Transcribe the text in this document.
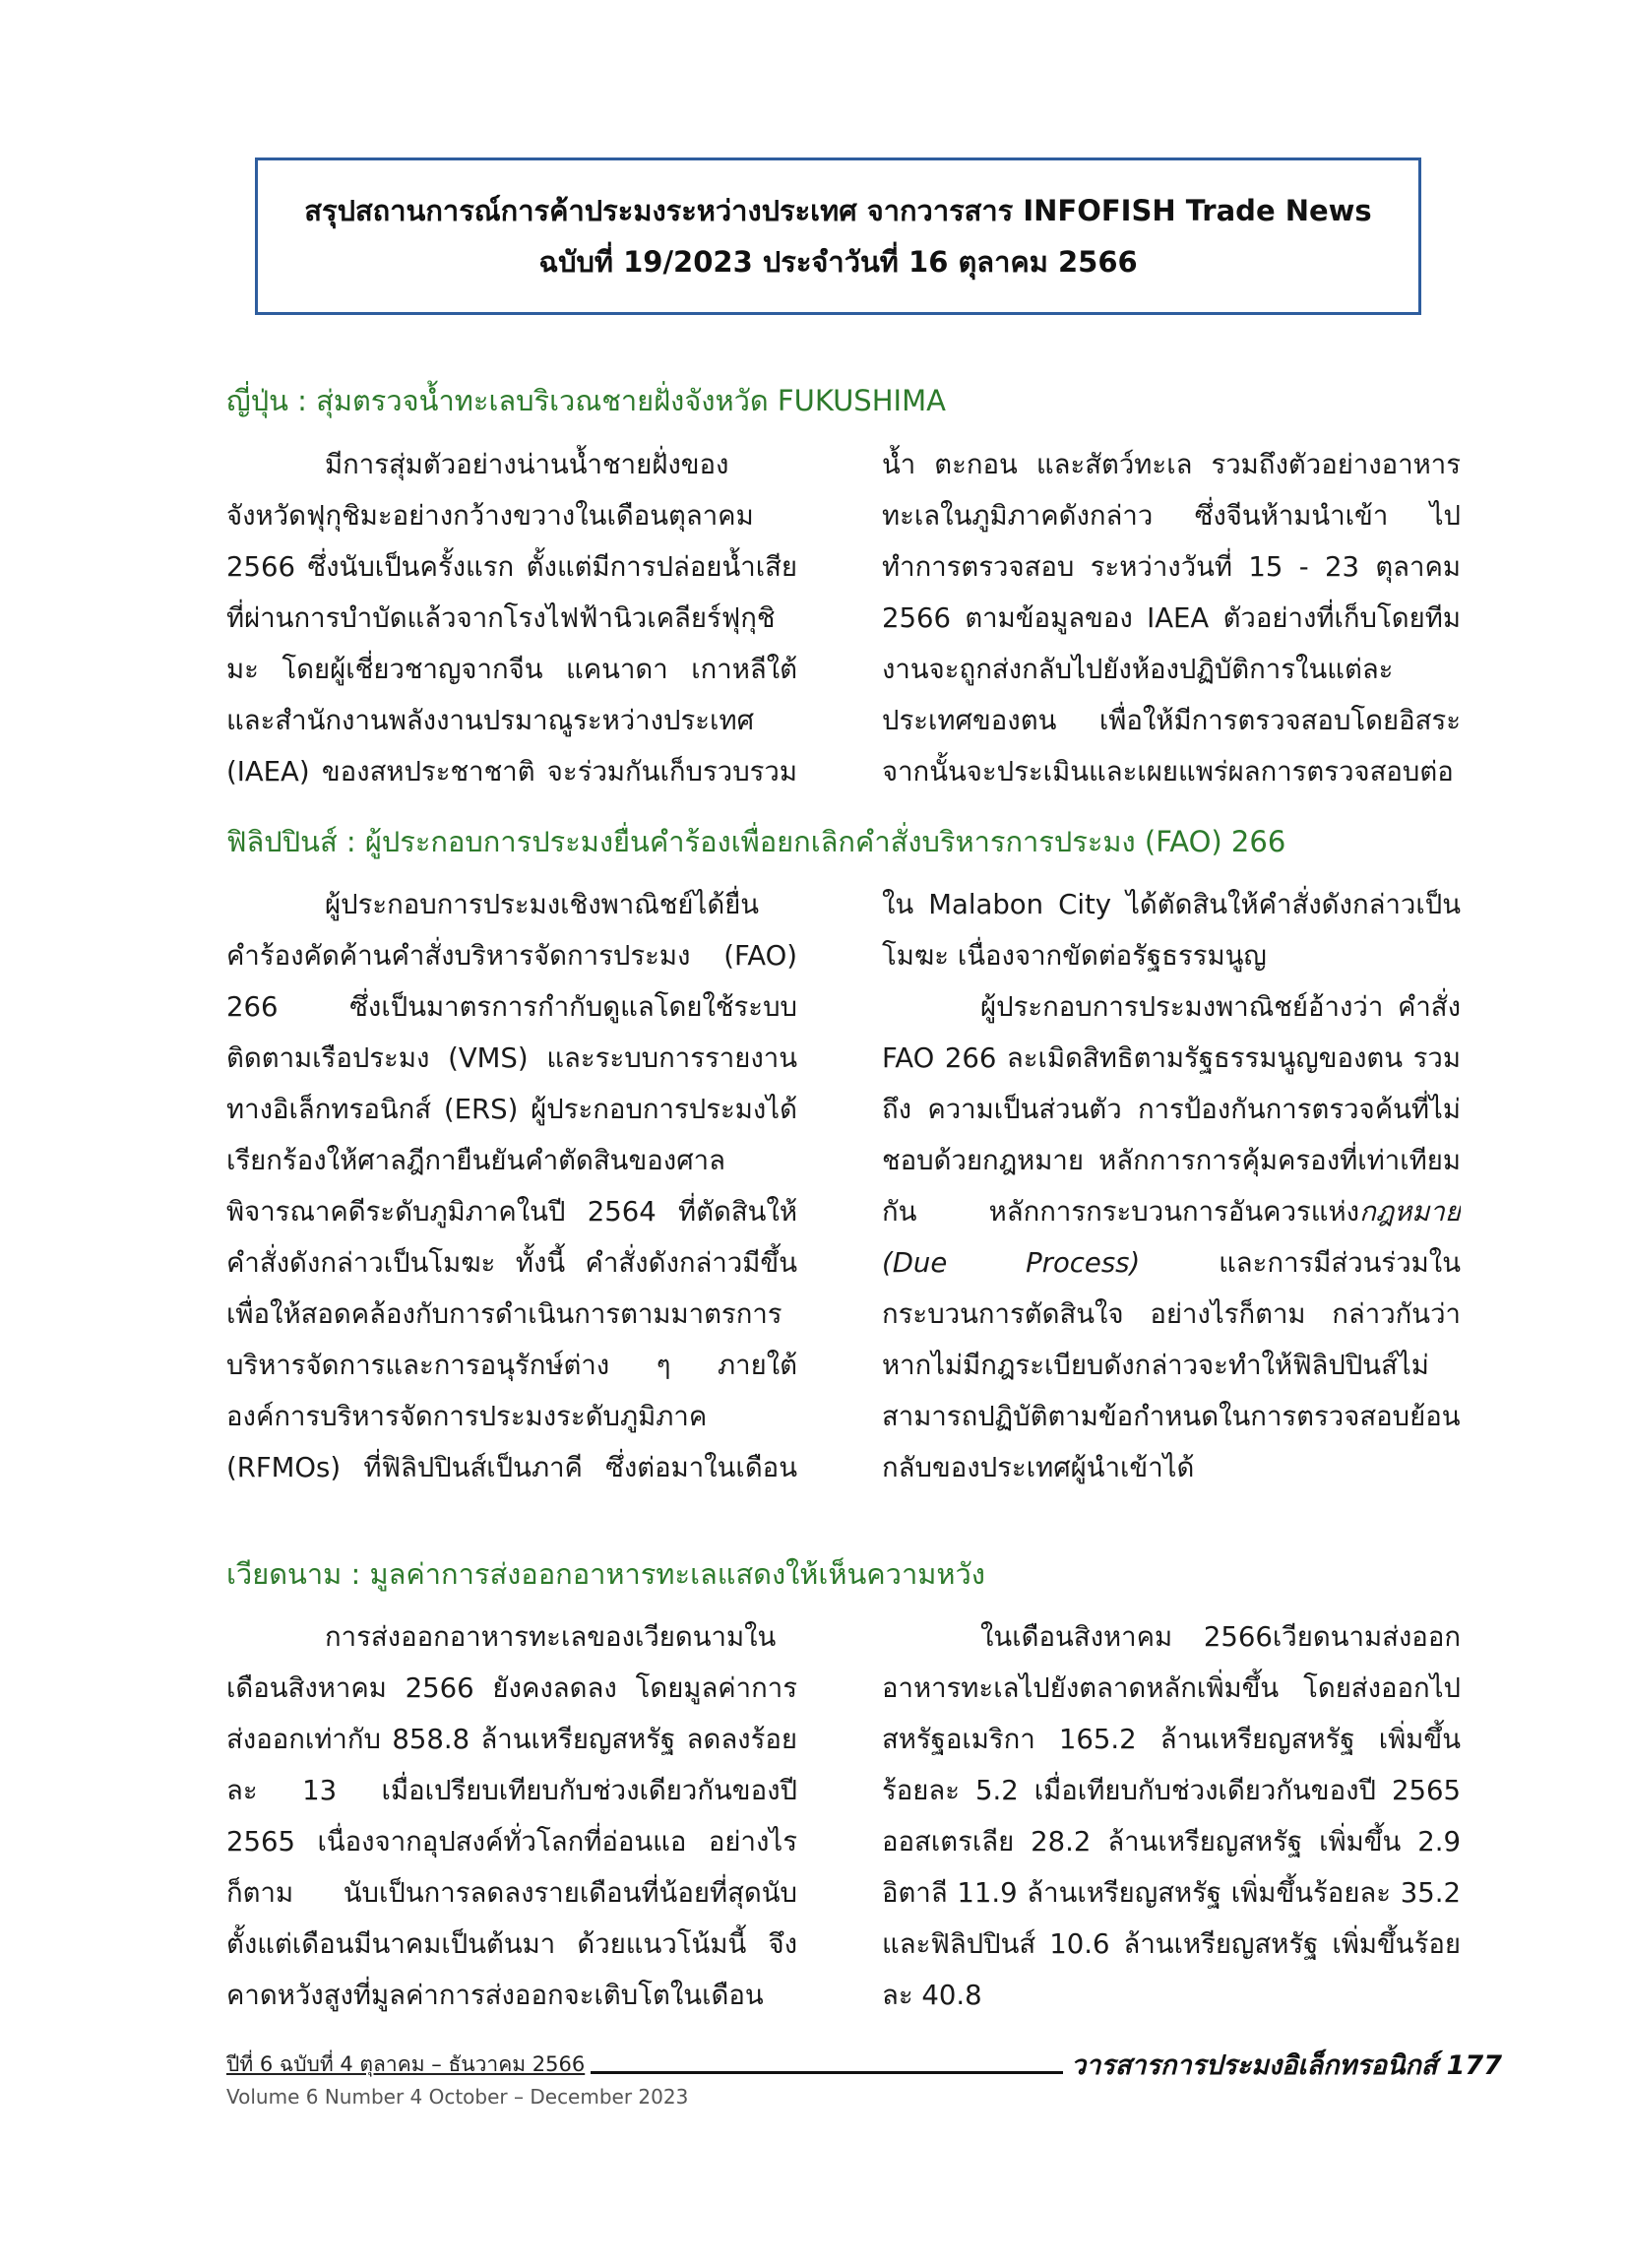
สรุปสถานการณ์การค้าประมงระหว่างประเทศ จากวารสาร INFOFISH Trade News
ฉบับที่ 19/2023 ประจำวันที่ 16 ตุลาคม 2566
ญี่ปุ่น : สุ่มตรวจน้ำทะเลบริเวณชายฝั่งจังหวัด FUKUSHIMA

มีการสุ่มตัวอย่างน่านน้ำชายฝั่งของจังหวัดฟุกุชิมะอย่างกว้างขวางในเดือนตุลาคม 2566 ซึ่งนับเป็นครั้งแรก ตั้งแต่มีการปล่อยน้ำเสียที่ผ่านการบำบัดแล้วจากโรงไฟฟ้านิวเคลียร์ฟุกุชิมะ โดยผู้เชี่ยวชาญจากจีน แคนาดา เกาหลีใต้ และสำนักงานพลังงานปรมาณูระหว่างประเทศ (IAEA) ของสหประชาชาติ จะร่วมกันเก็บรวบรวม

น้ำ ตะกอน และสัตว์ทะเล รวมถึงตัวอย่างอาหารทะเลในภูมิภาคดังกล่าว ซึ่งจีนห้ามนำเข้า ไปทำการตรวจสอบ ระหว่างวันที่ 15 - 23 ตุลาคม 2566 ตามข้อมูลของ IAEA ตัวอย่างที่เก็บโดยทีมงานจะถูกส่งกลับไปยังห้องปฏิบัติการในแต่ละประเทศของตน เพื่อให้มีการตรวจสอบโดยอิสระ จากนั้นจะประเมินและเผยแพร่ผลการตรวจสอบต่อ

ฟิลิปปินส์ : ผู้ประกอบการประมงยื่นคำร้องเพื่อยกเลิกคำสั่งบริหารการประมง (FAO) 266

ผู้ประกอบการประมงเชิงพาณิชย์ได้ยื่นคำร้องคัดค้านคำสั่งบริหารจัดการประมง (FAO) 266 ซึ่งเป็นมาตรการกำกับดูแลโดยใช้ระบบติดตามเรือประมง (VMS) และระบบการรายงานทางอิเล็กทรอนิกส์ (ERS) ผู้ประกอบการประมงได้เรียกร้องให้ศาลฎีกายืนยันคำตัดสินของศาลพิจารณาคดีระดับภูมิภาคในปี 2564 ที่ตัดสินให้คำสั่งดังกล่าวเป็นโมฆะ ทั้งนี้ คำสั่งดังกล่าวมีขึ้นเพื่อให้สอดคล้องกับการดำเนินการตามมาตรการบริหารจัดการและการอนุรักษ์ต่าง ๆ ภายใต้องค์การบริหารจัดการประมงระดับภูมิภาค (RFMOs) ที่ฟิลิปปินส์เป็นภาคี ซึ่งต่อมาในเดือน

ใน Malabon City ได้ตัดสินให้คำสั่งดังกล่าวเป็นโมฆะ เนื่องจากขัดต่อรัฐธรรมนูญ

ผู้ประกอบการประมงพาณิชย์อ้างว่า คำสั่ง FAO 266 ละเมิดสิทธิตามรัฐธรรมนูญของตน รวมถึง ความเป็นส่วนตัว การป้องกันการตรวจค้นที่ไม่ชอบด้วยกฎหมาย หลักการการคุ้มครองที่เท่าเทียมกัน หลักการกระบวนการอันควรแห่งกฎหมาย (Due Process) และการมีส่วนร่วมในกระบวนการตัดสินใจ อย่างไรก็ตาม กล่าวกันว่าหากไม่มีกฎระเบียบดังกล่าวจะทำให้ฟิลิปปินส์ไม่สามารถปฏิบัติตามข้อกำหนดในการตรวจสอบย้อนกลับของประเทศผู้นำเข้าได้

เวียดนาม : มูลค่าการส่งออกอาหารทะเลแสดงให้เห็นความหวัง

การส่งออกอาหารทะเลของเวียดนามในเดือนสิงหาคม 2566 ยังคงลดลง โดยมูลค่าการส่งออกเท่ากับ 858.8 ล้านเหรียญสหรัฐ ลดลงร้อยละ 13 เมื่อเปรียบเทียบกับช่วงเดียวกันของปี 2565 เนื่องจากอุปสงค์ทั่วโลกที่อ่อนแอ อย่างไรก็ตาม นับเป็นการลดลงรายเดือนที่น้อยที่สุดนับตั้งแต่เดือนมีนาคมเป็นต้นมา ด้วยแนวโน้มนี้ จึงคาดหวังสูงที่มูลค่าการส่งออกจะเติบโตในเดือน

ในเดือนสิงหาคม 2566เวียดนามส่งออกอาหารทะเลไปยังตลาดหลักเพิ่มขึ้น โดยส่งออกไปสหรัฐอเมริกา 165.2 ล้านเหรียญสหรัฐ เพิ่มขึ้นร้อยละ 5.2 เมื่อเทียบกับช่วงเดียวกันของปี 2565 ออสเตรเลีย 28.2 ล้านเหรียญสหรัฐ เพิ่มขึ้น 2.9 อิตาลี 11.9 ล้านเหรียญสหรัฐ เพิ่มขึ้นร้อยละ 35.2 และฟิลิปปินส์ 10.6 ล้านเหรียญสหรัฐ เพิ่มขึ้นร้อยละ 40.8

ปีที่ 6 ฉบับที่ 4 ตุลาคม – ธันวาคม 2566
Volume 6 Number 4 October – December 2023
วารสารการประมงอิเล็กทรอนิกส์ 177
